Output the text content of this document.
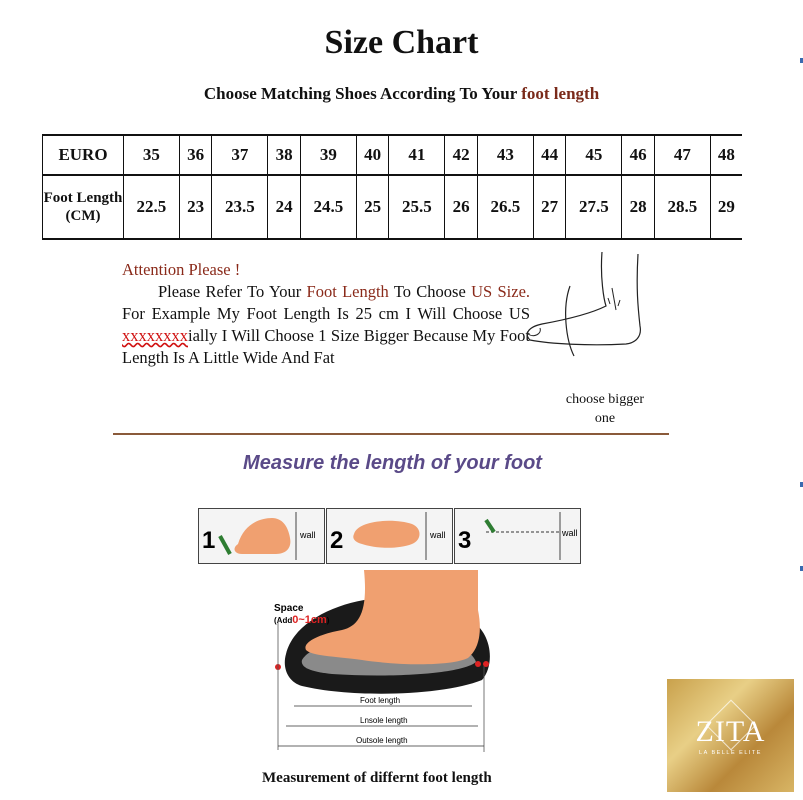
Size Chart
Choose Matching Shoes According To Your foot length
EURO	35	36	37	38	39	40	41	42	43	44	45	46	47	48
Foot Length (CM)	22.5	23	23.5	24	24.5	25	25.5	26	26.5	27	27.5	28	28.5	29
Attention Please !
Please Refer To Your Foot Length To Choose US Size. For Example My Foot Length Is 25 cm I Will Choose US xxxxxxxxially I Will Choose 1 Size Bigger Because My Foot Length Is A Little Wide And Fat
choose bigger one
Measure the length of your foot
1	wall 2	wall 3	wall
Space
(Add0~1cm)
Foot length
Lnsole length
Outsole length
Measurement of differnt foot length
ZITA
LA BELLE ELITE
